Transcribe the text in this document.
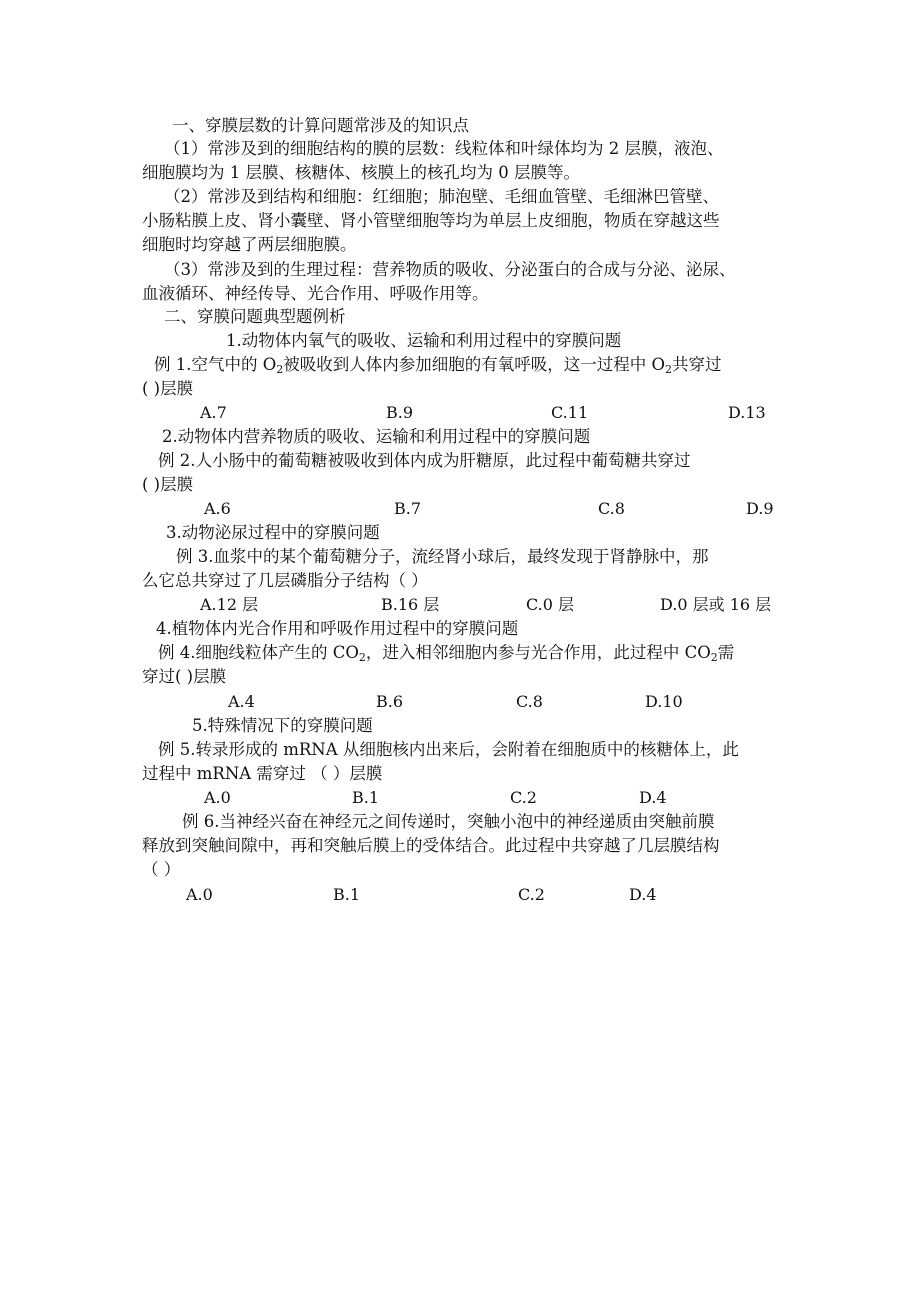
一、穿膜层数的计算问题常涉及的知识点
（1）常涉及到的细胞结构的膜的层数：线粒体和叶绿体均为 2 层膜，液泡、
细胞膜均为 1 层膜、核糖体、核膜上的核孔均为 0 层膜等。
（2）常涉及到结构和细胞：红细胞；肺泡壁、毛细血管壁、毛细淋巴管壁、
小肠粘膜上皮、肾小囊壁、肾小管壁细胞等均为单层上皮细胞，物质在穿越这些
细胞时均穿越了两层细胞膜。
（3）常涉及到的生理过程：营养物质的吸收、分泌蛋白的合成与分泌、泌尿、
血液循环、神经传导、光合作用、呼吸作用等。
二、穿膜问题典型题例析
1.动物体内氧气的吸收、运输和利用过程中的穿膜问题
例 1.空气中的 $O_2$被吸收到人体内参加细胞的有氧呼吸，这一过程中 $O_2$共穿过
( )层膜
A.7	B.9	C.11	D.13
2.动物体内营养物质的吸收、运输和利用过程中的穿膜问题
例 2.人小肠中的葡萄糖被吸收到体内成为肝糖原，此过程中葡萄糖共穿过
( )层膜
A.6	B.7	C.8	D.9
3.动物泌尿过程中的穿膜问题
例 3.血浆中的某个葡萄糖分子，流经肾小球后，最终发现于肾静脉中，那
么它总共穿过了几层磷脂分子结构（ ）
A.12 层	B.16 层	C.0 层	D.0 层或 16 层
4.植物体内光合作用和呼吸作用过程中的穿膜问题
例 4.细胞线粒体产生的 $CO_2$，进入相邻细胞内参与光合作用，此过程中 $CO_2$需
穿过( )层膜
A.4	B.6	C.8	D.10
5.特殊情况下的穿膜问题
例 5.转录形成的 mRNA 从细胞核内出来后，会附着在细胞质中的核糖体上，此
过程中 mRNA 需穿过 （ ）层膜
A.0	B.1	C.2	D.4
例 6.当神经兴奋在神经元之间传递时，突触小泡中的神经递质由突触前膜
释放到突触间隙中，再和突触后膜上的受体结合。此过程中共穿越了几层膜结构
（ ）
A.0	B.1	C.2	D.4
